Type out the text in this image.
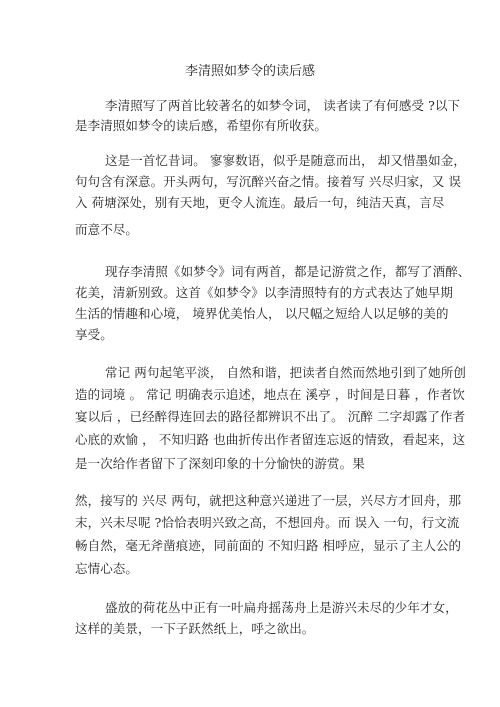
李清照如梦令的读后感
李清照写了两首比较著名的如梦令词， 读者读了有何感受 ?以下
是李清照如梦令的读后感，希望你有所收获。
这是一首忆昔词。 寥寥数语，似乎是随意而出， 却又惜墨如金，
句句含有深意。开头两句，写沉醉兴奋之情。接着写 兴尽归家，又 误
入 荷塘深处，别有天地，更令人流连。最后一句，纯洁天真，言尽
而意不尽。
现存李清照《如梦令》词有两首，都是记游赏之作，都写了酒醉、
花美，清新别致。这首《如梦令》以李清照特有的方式表达了她早期
生活的情趣和心境， 境界优美怡人， 以尺幅之短给人以足够的美的
享受。
常记 两句起笔平淡， 自然和谐，把读者自然而然地引到了她所创
造的词境 。 常记 明确表示追述，地点在 溪亭 ，时间是日暮 ，作者饮
宴以后 ，已经醉得连回去的路径都辨识不出了。 沉醉 二字却露了作者
心底的欢愉 ， 不知归路 也曲折传出作者留连忘返的情致，看起来，这
是一次给作者留下了深刻印象的十分愉快的游赏。果
然，接写的 兴尽 两句，就把这种意兴递进了一层，兴尽方才回舟，那
末，兴未尽呢 ?恰恰表明兴致之高，不想回舟。而 误入 一句，行文流
畅自然，毫无斧凿痕迹，同前面的 不知归路 相呼应，显示了主人公的
忘情心态。
盛放的荷花丛中正有一叶扁舟摇荡舟上是游兴未尽的少年才女，
这样的美景，一下子跃然纸上，呼之欲出。
